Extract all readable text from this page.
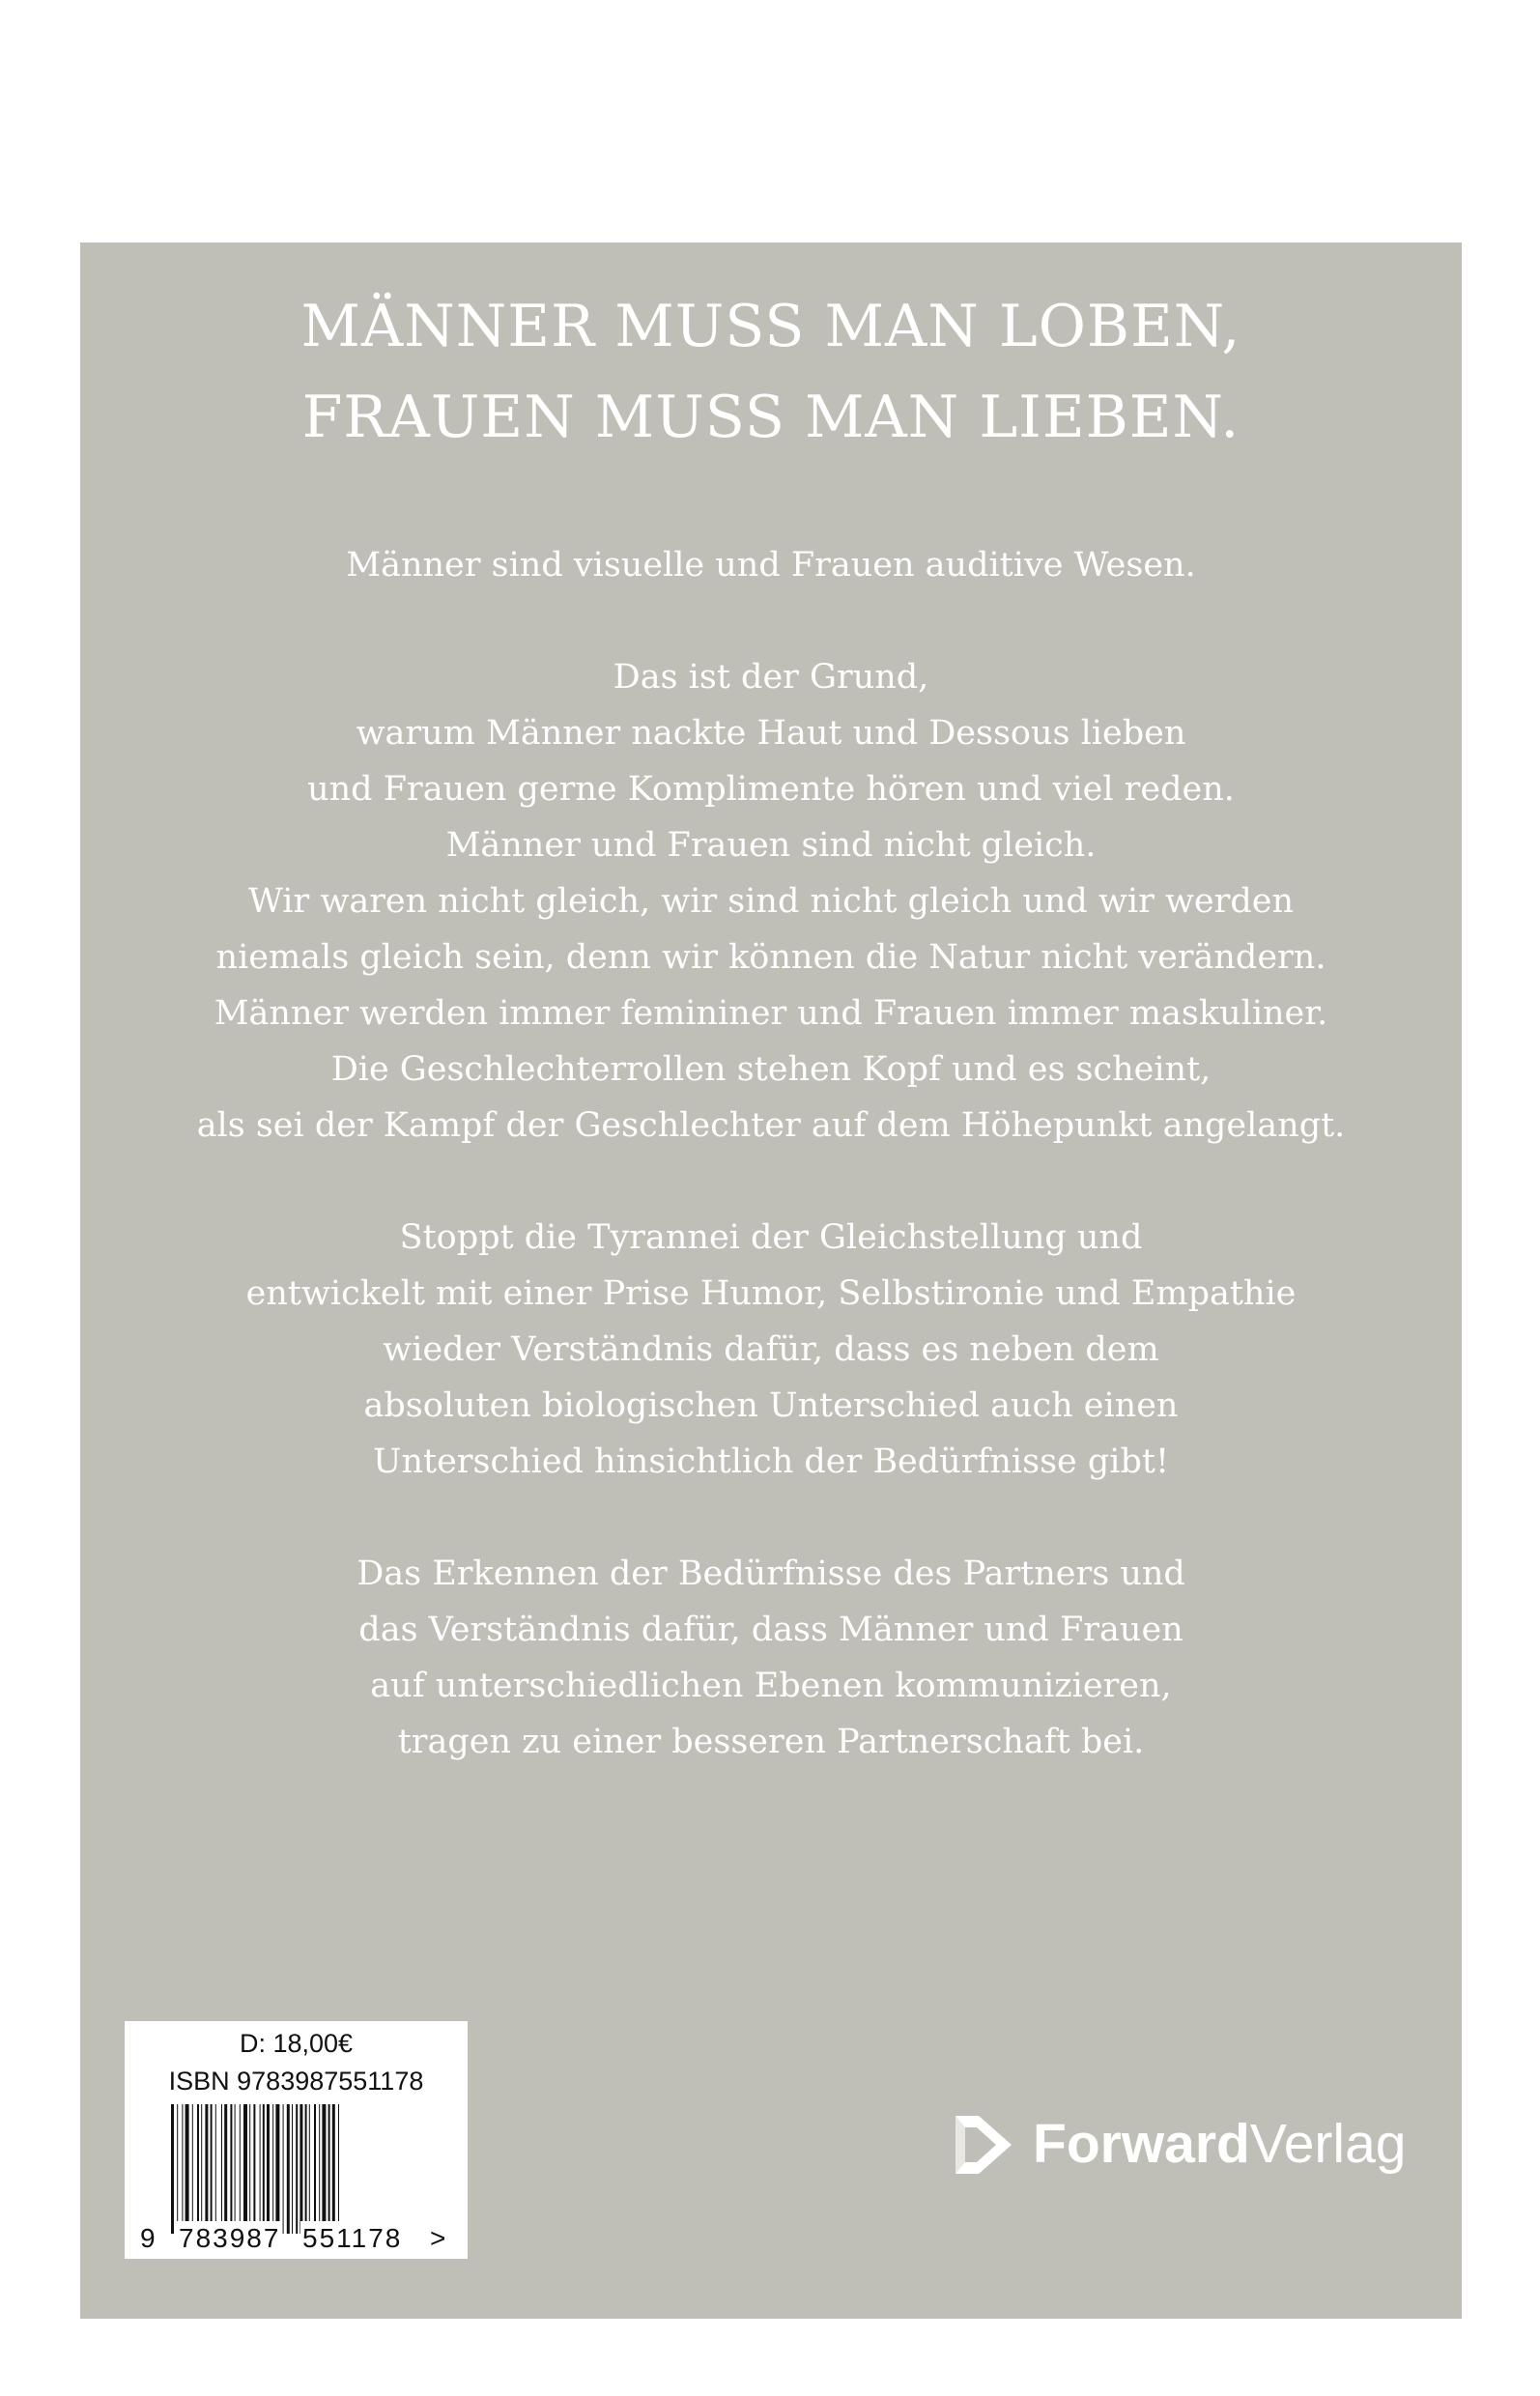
MÄNNER MUSS MAN LOBEN,
FRAUEN MUSS MAN LIEBEN.
Männer sind visuelle und Frauen auditive Wesen.
Das ist der Grund,
warum Männer nackte Haut und Dessous lieben
und Frauen gerne Komplimente hören und viel reden.
Männer und Frauen sind nicht gleich.
Wir waren nicht gleich, wir sind nicht gleich und wir werden
niemals gleich sein, denn wir können die Natur nicht verändern.
Männer werden immer femininer und Frauen immer maskuliner.
Die Geschlechterrollen stehen Kopf und es scheint,
als sei der Kampf der Geschlechter auf dem Höhepunkt angelangt.
Stoppt die Tyrannei der Gleichstellung und
entwickelt mit einer Prise Humor, Selbstironie und Empathie
wieder Verständnis dafür, dass es neben dem
absoluten biologischen Unterschied auch einen
Unterschied hinsichtlich der Bedürfnisse gibt!
Das Erkennen der Bedürfnisse des Partners und
das Verständnis dafür, dass Männer und Frauen
auf unterschiedlichen Ebenen kommunizieren,
tragen zu einer besseren Partnerschaft bei.
D: 18,00€
ISBN 9783987551178
9 783987 551178 >
ForwardVerlag
